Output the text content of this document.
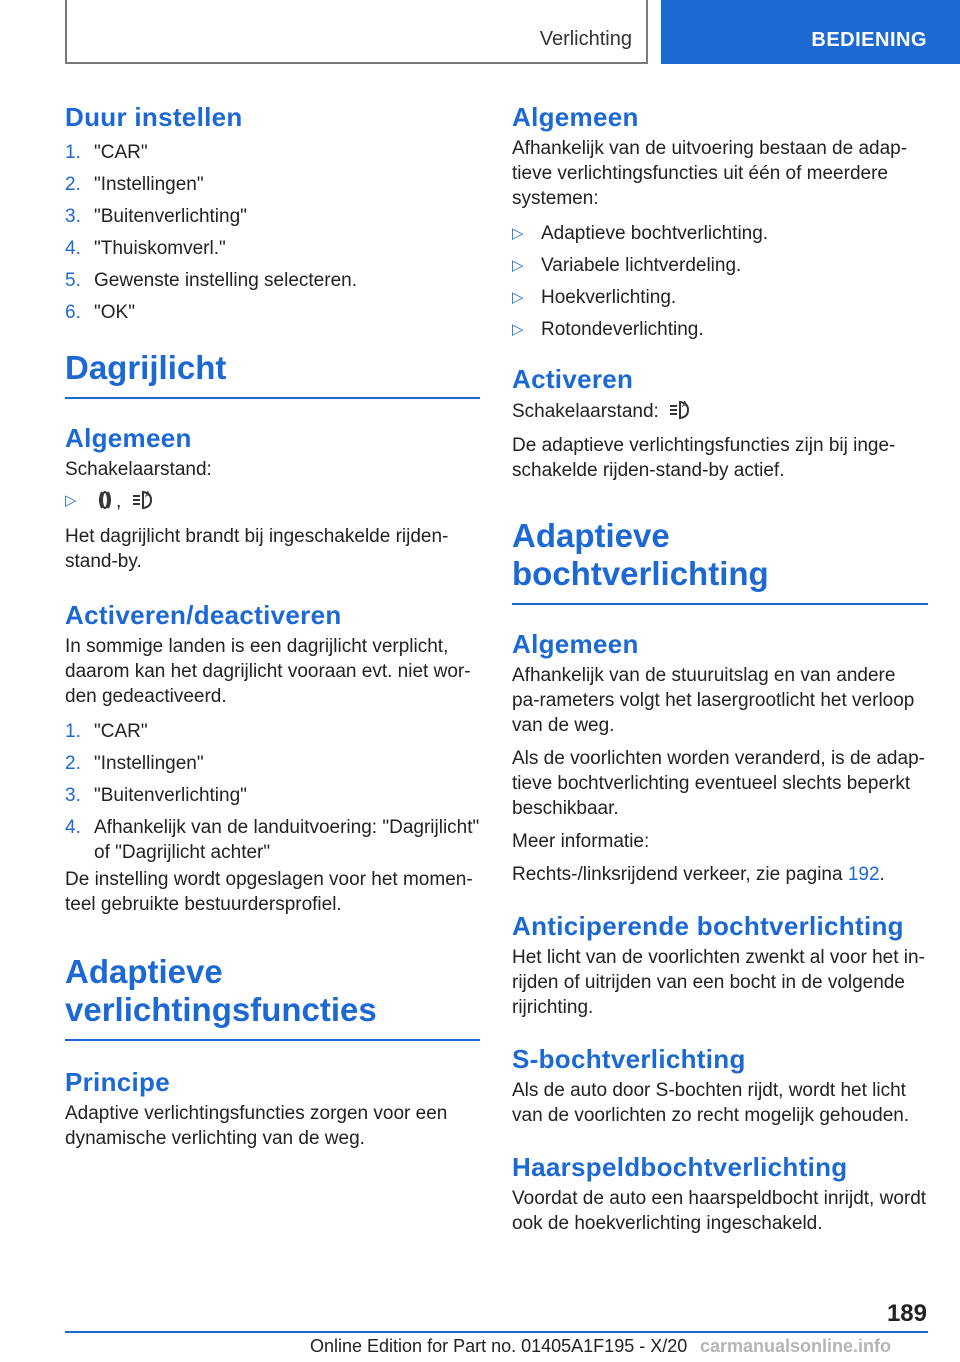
Verlichting	BEDIENING
Duur instellen
1. "CAR"
2. "Instellingen"
3. "Buitenverlichting"
4. "Thuiskomverl."
5. Gewenste instelling selecteren.
6. "OK"
Dagrijlicht
Algemeen

Schakelaarstand:

▷ ,	A

Het dagrijlicht brandt bij ingeschakelde rijden-stand-by.

Activeren/deactiveren

In sommige landen is een dagrijlicht verplicht, daarom kan het dagrijlicht vooraan evt. niet wor-den gedeactiveerd.

1. "CAR"
2. "Instellingen"
3. "Buitenverlichting"
4. Afhankelijk van de landuitvoering: "Dagrijlicht" of "Dagrijlicht achter"

De instelling wordt opgeslagen voor het momen-teel gebruikte bestuurdersprofiel.

Adaptieve
verlichtingsfuncties
Principe

Adaptive verlichtingsfuncties zorgen voor een dynamische verlichting van de weg.

Algemeen

Afhankelijk van de uitvoering bestaan de adap-tieve verlichtingsfuncties uit één of meerdere systemen:

▷ Adaptieve bochtverlichting.
▷ Variabele lichtverdeling.
▷ Hoekverlichting.
▷ Rotondeverlichting.
Activeren

Schakelaarstand:	A

De adaptieve verlichtingsfuncties zijn bij inge-schakelde rijden-stand-by actief.

Adaptieve bochtverlichting
Algemeen

Afhankelijk van de stuuruitslag en van andere pa-rameters volgt het lasergrootlicht het verloop van de weg.

Als de voorlichten worden veranderd, is de adap-tieve bochtverlichting eventueel slechts beperkt beschikbaar.

Meer informatie:

Rechts-/linksrijdend verkeer, zie pagina 192.

Anticiperende bochtverlichting

Het licht van de voorlichten zwenkt al voor het in-rijden of uitrijden van een bocht in de volgende rijrichting.

S-bochtverlichting

Als de auto door S-bochten rijdt, wordt het licht van de voorlichten zo recht mogelijk gehouden.

Haarspeldbochtverlichting

Voordat de auto een haarspeldbocht inrijdt, wordt ook de hoekverlichting ingeschakeld.

189
Online Edition for Part no. 01405A1F195 - X/20 carmanualsonline.info
